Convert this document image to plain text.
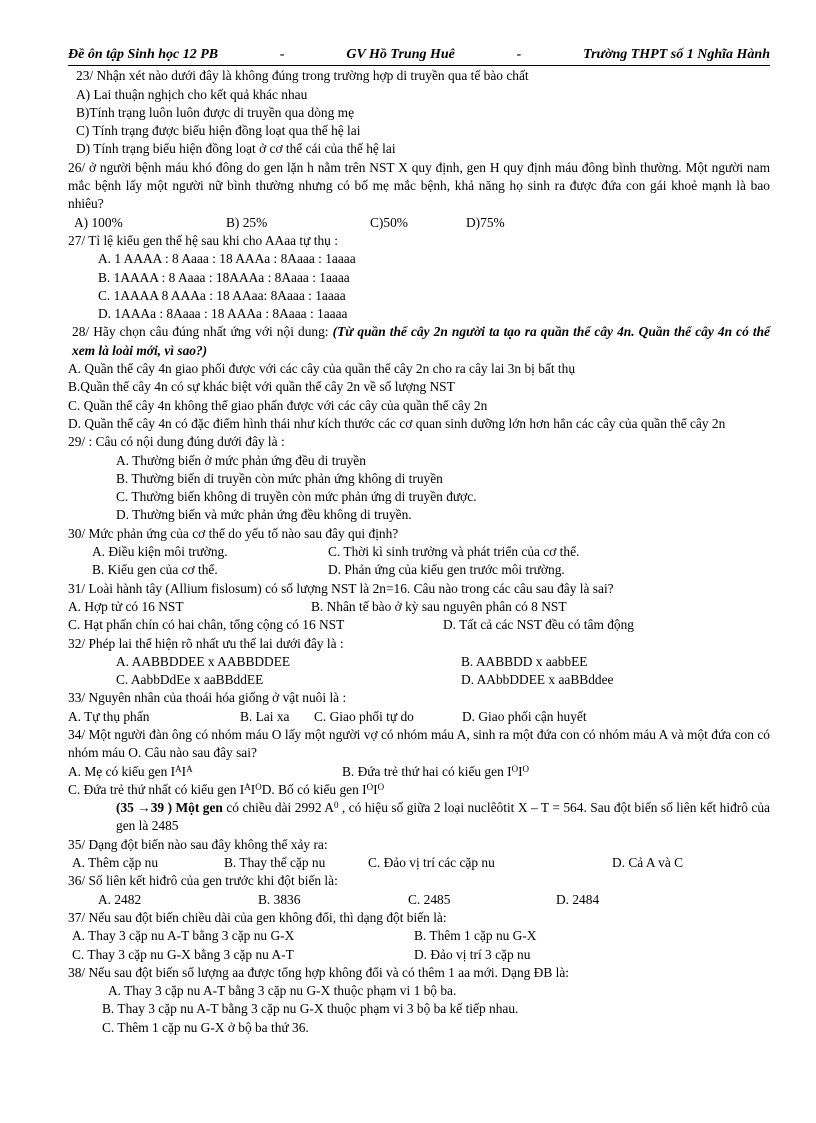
Đề ôn tập Sinh học 12 PB	-	GV Hồ Trung Huê	-	Trường THPT số 1 Nghĩa Hành
23/ Nhận xét nào dưới đây là không đúng trong trường hợp di truyền qua tế bào chất
A) Lai thuận nghịch cho kết quả khác nhau
B)Tính trạng luôn luôn được di truyền qua dòng mẹ
C) Tính trạng được biểu hiện đồng loạt qua thế hệ lai
D) Tính trạng biểu hiện đồng loạt ở cơ thể cái của thế hệ lai
26/ ở người bệnh máu khó đông do gen lặn h nằm trên NST X quy định, gen H quy định máu đông bình thường. Một người nam mắc bệnh lấy một người nữ bình thường nhưng có bố mẹ mắc bệnh, khả năng họ sinh ra được đứa con gái khoẻ mạnh là bao nhiêu?
A) 100%	B) 25%	C)50%	D)75%
27/ Tỉ lệ kiểu gen thế hệ sau khi cho AAaa tự thụ :
A. 1 AAAA : 8 Aaaa : 18 AAAa : 8Aaaa : 1aaaa
B. 1AAAA : 8 Aaaa : 18AAAa : 8Aaaa : 1aaaa
C. 1AAAA 8 AAAa : 18 AAaa: 8Aaaa : 1aaaa
D. 1AAAa : 8Aaaa : 18 AAAa : 8Aaaa : 1aaaa
28/ Hãy chọn câu đúng nhất ứng với nội dung: (Từ quần thể cây 2n người ta tạo ra quần thể cây 4n. Quần thể cây 4n có thể xem là loài mới, vì sao?)
A. Quần thể cây 4n giao phối được với các cây của quần thể cây 2n cho ra cây lai 3n bị bất thụ
B.Quần thể cây 4n có sự khác biệt với quần thể cây 2n về số lượng NST
C. Quần thể cây 4n không thể giao phấn được với các cây của quần thể cây 2n
D. Quần thể cây 4n có đặc điểm hình thái như kích thước các cơ quan sinh dưỡng lớn hơn hẳn các cây của quần thể cây 2n
29/ : Câu có nội dung đúng dưới đây là :
A. Thường biến ở mức phản ứng đều di truyền
B. Thường biến di truyền còn mức phản ứng không di truyền
C. Thường biến không di truyền còn mức phản ứng di truyền được.
D. Thường biến và mức phản ứng đều không di truyền.
30/ Mức phản ứng của cơ thể do yếu tố nào sau đây qui định?
A. Điều kiện môi trường.	C. Thời kì sinh trưởng và phát triển của cơ thể.
B. Kiểu gen của cơ thể.	D. Phản ứng của kiểu gen trước môi trường.
31/ Loài hành tây (Allium fislosum) có số lượng NST là 2n=16. Câu nào trong các câu sau đây là sai?
A. Hợp tử có 16 NST	B. Nhân tế bào ở kỳ sau nguyên phân có 8 NST
C. Hạt phấn chín có hai chân, tổng cộng có 16 NST	D. Tất cả các NST đều có tâm động
32/ Phép lai thể hiện rõ nhất ưu thế lai dưới đây là :
A. AABBDDEE x AABBDDEE	B. AABBDD x aabbEE
C. AabbDdEe x aaBBddEE	D. AAbbDDEE x aaBBddee
33/ Nguyên nhân của thoái hóa giống ở vật nuôi là :
A. Tự thụ phấn	B. Lai xa	C. Giao phối tự do	D. Giao phối cận huyết
34/ Một người đàn ông có nhóm máu O lấy một người vợ có nhóm máu A, sinh ra một đứa con có nhóm máu A và một đứa con có nhóm máu O. Câu nào sau đây sai?
A. Mẹ có kiểu gen $I^AI^A$	B. Đứa trẻ thứ hai có kiểu gen $I^OI^O$
C. Đứa trẻ thứ nhất có kiểu gen $I^AI^O$ D. Bố có kiểu gen $I^OI^O$
(35 →39 ) Một gen có chiều dài 2992 $A^0$ , có hiệu số giữa 2 loại nuclêôtit X – T = 564. Sau đột biến số liên kết hiđrô của gen là 2485
35/ Dạng đột biến nào sau đây không thể xảy ra:
A. Thêm cặp nu	B. Thay thế cặp nu	C. Đảo vị trí các cặp nu	D. Cả A và C
36/ Số liên kết hiđrô của gen trước khi đột biến là:
A. 2482	B. 3836	C. 2485	D. 2484
37/ Nếu sau đột biến chiều dài của gen không đổi, thì dạng đột biến là:
A. Thay 3 cặp nu A-T bằng 3 cặp nu G-X	B. Thêm 1 cặp nu G-X
C. Thay 3 cặp nu G-X bằng 3 cặp nu A-T	D. Đảo vị trí 3 cặp nu
38/ Nếu sau đột biến số lượng aa được tổng hợp không đổi và có thêm 1 aa mới. Dạng ĐB là:
A. Thay 3 cặp nu A-T bằng 3 cặp nu G-X thuộc phạm vi 1 bộ ba.
B. Thay 3 cặp nu A-T bằng 3 cặp nu G-X thuộc phạm vi 3 bộ ba kế tiếp nhau.
C. Thêm 1 cặp nu G-X ở bộ ba thứ 36.
